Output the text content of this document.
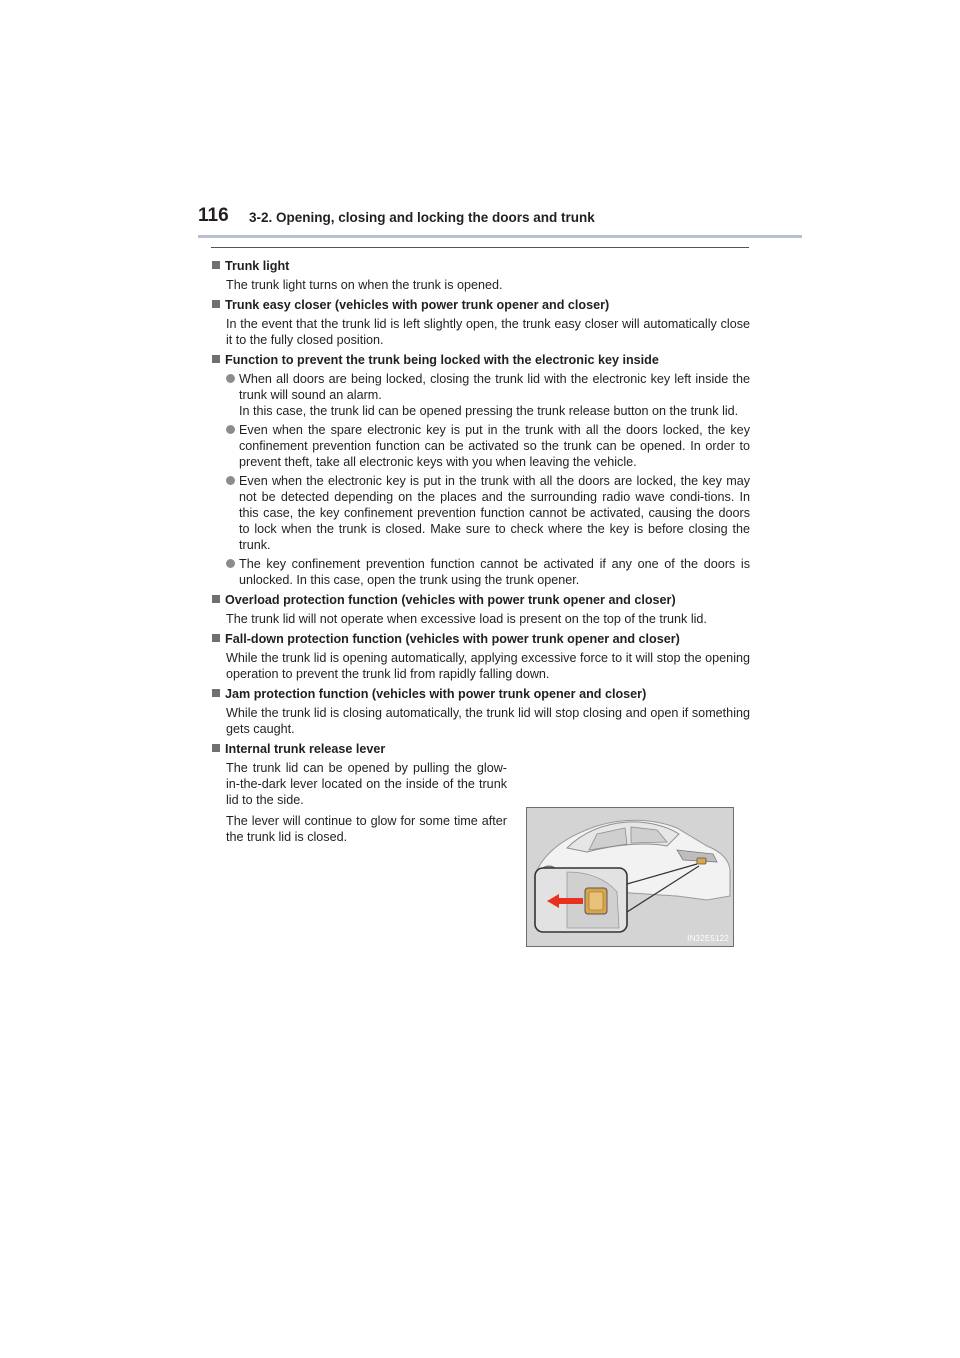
116 3-2. Opening, closing and locking the doors and trunk
Trunk light
The trunk light turns on when the trunk is opened.
Trunk easy closer (vehicles with power trunk opener and closer)
In the event that the trunk lid is left slightly open, the trunk easy closer will automatically close it to the fully closed position.
Function to prevent the trunk being locked with the electronic key inside

When all doors are being locked, closing the trunk lid with the electronic key left inside the trunk will sound an alarm.

In this case, the trunk lid can be opened pressing the trunk release button on the trunk lid.

Even when the spare electronic key is put in the trunk with all the doors locked, the key confinement prevention function can be activated so the trunk can be opened. In order to prevent theft, take all electronic keys with you when leaving the vehicle.

Even when the electronic key is put in the trunk with all the doors are locked, the key may not be detected depending on the places and the surrounding radio wave condi-tions. In this case, the key confinement prevention function cannot be activated, causing the doors to lock when the trunk is closed. Make sure to check where the key is before closing the trunk.

The key confinement prevention function cannot be activated if any one of the doors is unlocked. In this case, open the trunk using the trunk opener.

Overload protection function (vehicles with power trunk opener and closer)
The trunk lid will not operate when excessive load is present on the top of the trunk lid.
Fall-down protection function (vehicles with power trunk opener and closer)
While the trunk lid is opening automatically, applying excessive force to it will stop the opening operation to prevent the trunk lid from rapidly falling down.
Jam protection function (vehicles with power trunk opener and closer)
While the trunk lid is closing automatically, the trunk lid will stop closing and open if something gets caught.
Internal trunk release lever

The trunk lid can be opened by pulling the glow-in-the-dark lever located on the inside of the trunk lid to the side.

The lever will continue to glow for some time after the trunk lid is closed.

IN32E5122
